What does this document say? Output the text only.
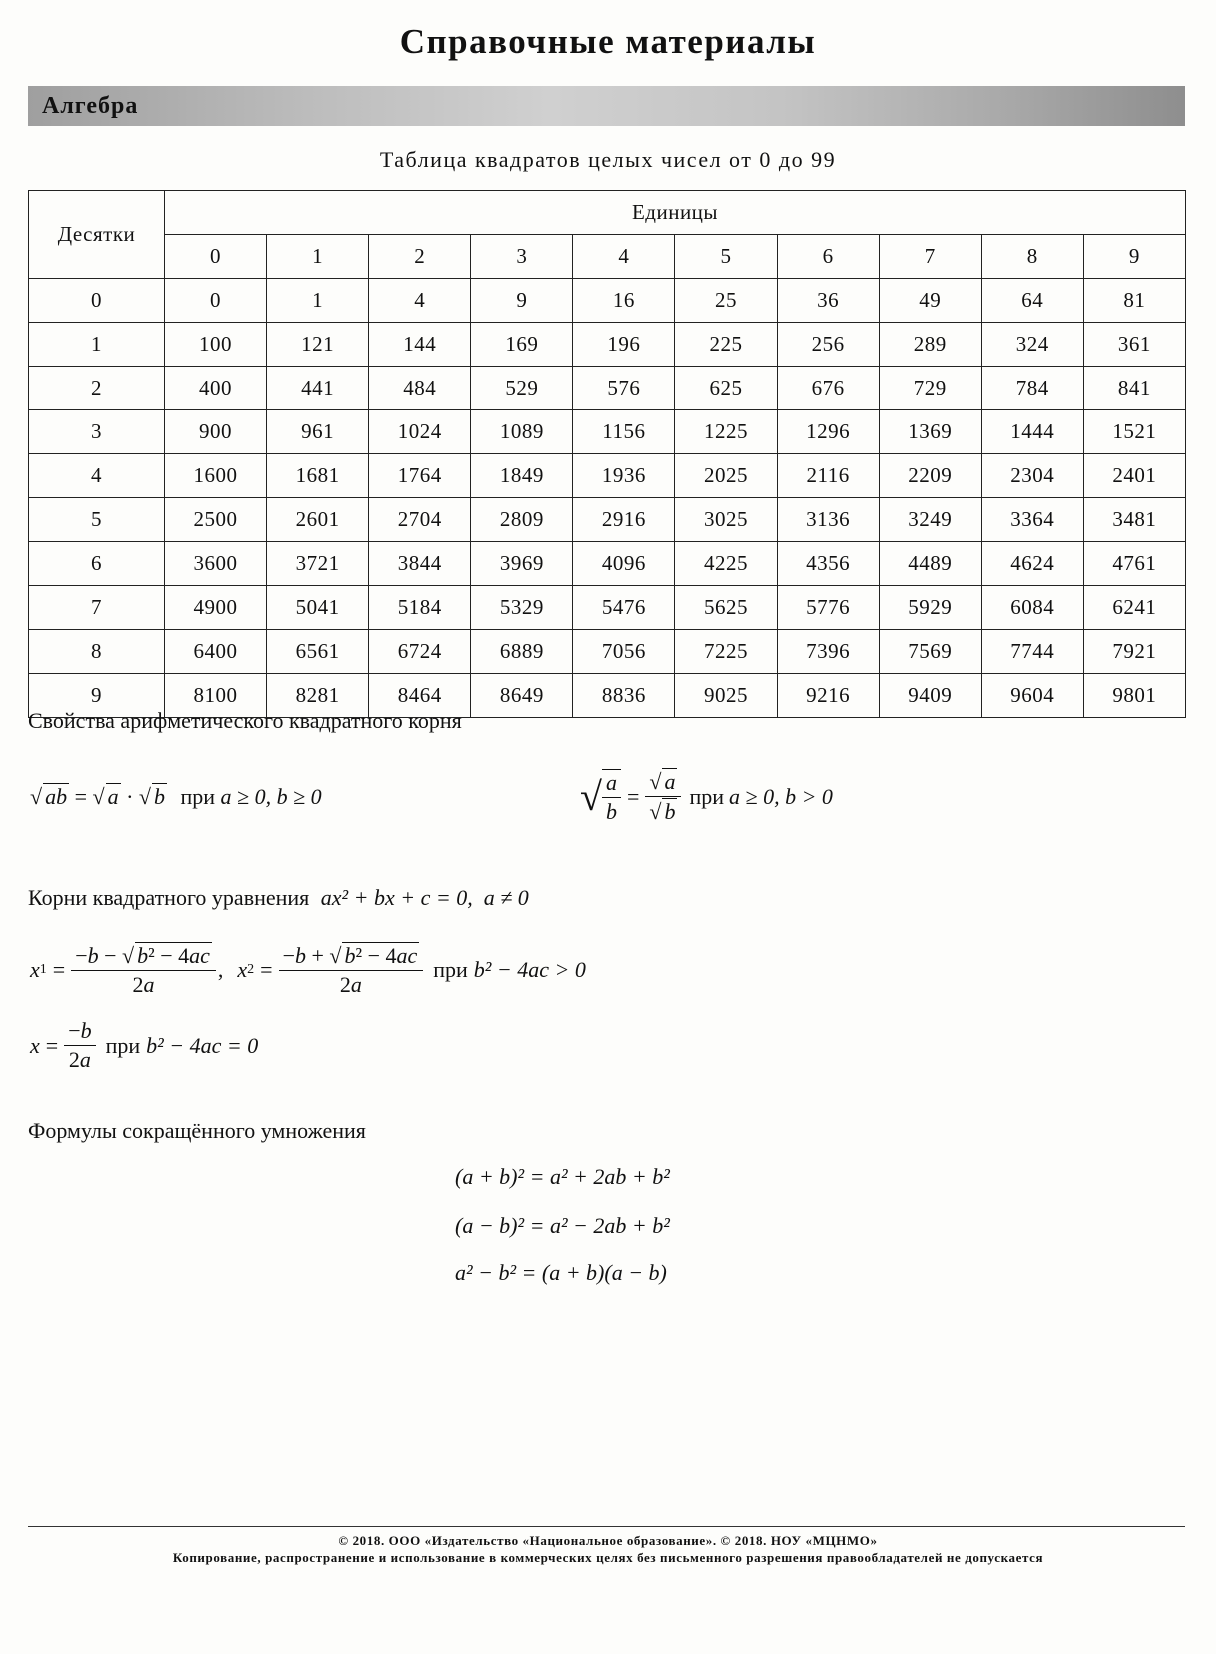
Справочные материалы
Алгебра
Таблица квадратов целых чисел от 0 до 99
Десятки	Единицы									
	0	1	2	3	4	5	6	7	8	9
0	0	1	4	9	16	25	36	49	64	81
1	100	121	144	169	196	225	256	289	324	361
2	400	441	484	529	576	625	676	729	784	841
3	900	961	1024	1089	1156	1225	1296	1369	1444	1521
4	1600	1681	1764	1849	1936	2025	2116	2209	2304	2401
5	2500	2601	2704	2809	2916	3025	3136	3249	3364	3481
6	3600	3721	3844	3969	4096	4225	4356	4489	4624	4761
7	4900	5041	5184	5329	5476	5625	5776	5929	6084	6241
8	6400	6561	6724	6889	7056	7225	7396	7569	7744	7921
9	8100	8281	8464	8649	8836	9025	9216	9409	9604	9801
Свойства арифметического квадратного корня
√ ab = √ a · √ b при a ≥ 0, b ≥ 0	√ $\frac{a}{b} = \frac{√ a}{√ b}$ при a ≥ 0, b > 0
Корни квадратного уравнения ax² + bx + c = 0,  a ≠ 0
x $1 = \frac{\text{−b − √ b² − 4ac}}{2a}$ , x $2 = \frac{\text{−b + √ b² − 4ac}}{2a}$ при b² − 4ac > 0
$x = \frac{-b}{2a}$ при b² − 4ac = 0
Формулы сокращённого умножения
(a + b)² = a² + 2ab + b²
(a − b)² = a² − 2ab + b²
a² − b² = (a + b)(a − b)
© 2018. ООО «Издательство «Национальное образование». © 2018. НОУ «МЦНМО»
Копирование, распространение и использование в коммерческих целях без письменного разрешения правообладателей не допускается
